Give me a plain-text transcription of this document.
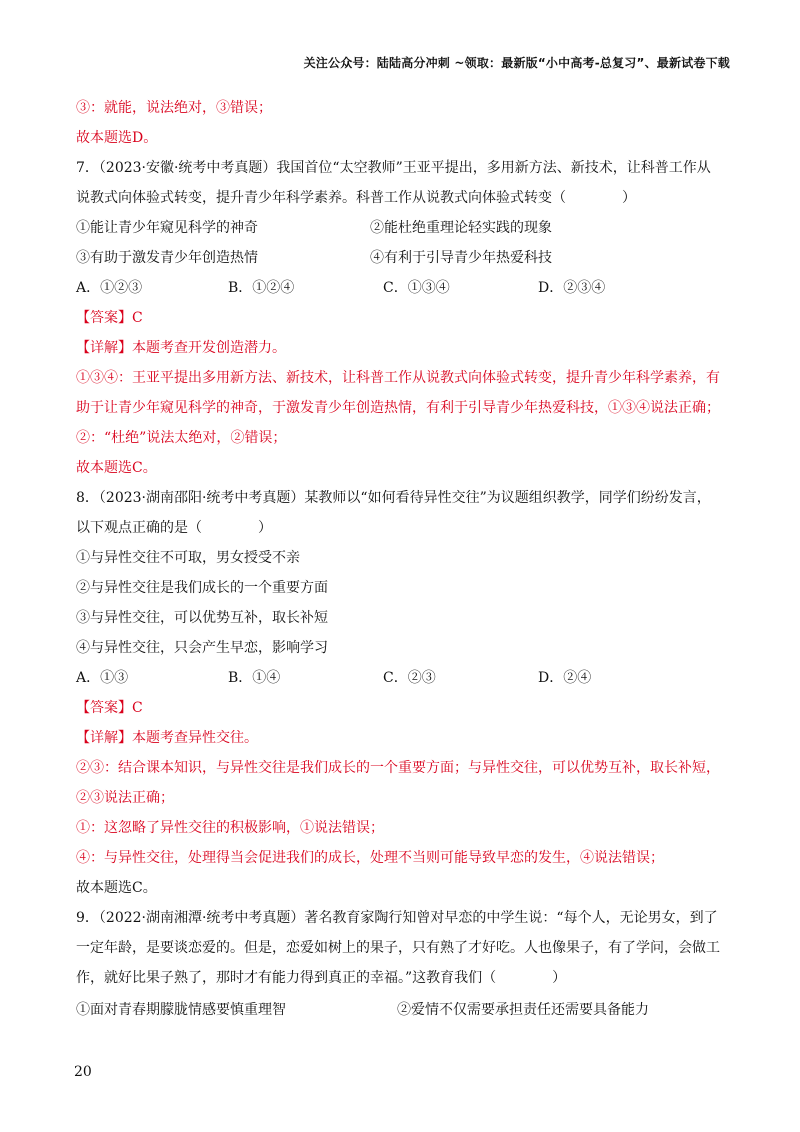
关注公众号：陆陆高分冲刺 ~领取：最新版“小中高考-总复习”、最新试卷下载
③：就能，说法绝对，③错误；
故本题选D。
7．（2023·安徽·统考中考真题）我国首位“太空教师”王亚平提出，多用新方法、新技术，让科普工作从
说教式向体验式转变，提升青少年科学素养。科普工作从说教式向体验式转变（　　　　）
①能让青少年窥见科学的神奇	②能杜绝重理论轻实践的现象
③有助于激发青少年创造热情	④有利于引导青少年热爱科技
A．①②③	B．①②④	C．①③④	D．②③④
【答案】C
【详解】本题考查开发创造潜力。
①③④：王亚平提出多用新方法、新技术，让科普工作从说教式向体验式转变，提升青少年科学素养，有
助于让青少年窥见科学的神奇，于激发青少年创造热情，有利于引导青少年热爱科技，①③④说法正确；
②：“杜绝”说法太绝对，②错误；
故本题选C。
8．（2023·湖南邵阳·统考中考真题）某教师以“如何看待异性交往”为议题组织教学，同学们纷纷发言，
以下观点正确的是（　　　　）
①与异性交往不可取，男女授受不亲
②与异性交往是我们成长的一个重要方面
③与异性交往，可以优势互补，取长补短
④与异性交往，只会产生早恋，影响学习
A．①③	B．①④	C．②③	D．②④
【答案】C
【详解】本题考查异性交往。
②③：结合课本知识，与异性交往是我们成长的一个重要方面；与异性交往，可以优势互补，取长补短，
②③说法正确；
①：这忽略了异性交往的积极影响，①说法错误；
④：与异性交往，处理得当会促进我们的成长，处理不当则可能导致早恋的发生，④说法错误；
故本题选C。
9．（2022·湖南湘潭·统考中考真题）著名教育家陶行知曾对早恋的中学生说：“每个人，无论男女，到了
一定年龄，是要谈恋爱的。但是，恋爱如树上的果子，只有熟了才好吃。人也像果子，有了学问，会做工
作，就好比果子熟了，那时才有能力得到真正的幸福。”这教育我们（　　　　）
①面对青春期朦胧情感要慎重理智	②爱情不仅需要承担责任还需要具备能力
20
